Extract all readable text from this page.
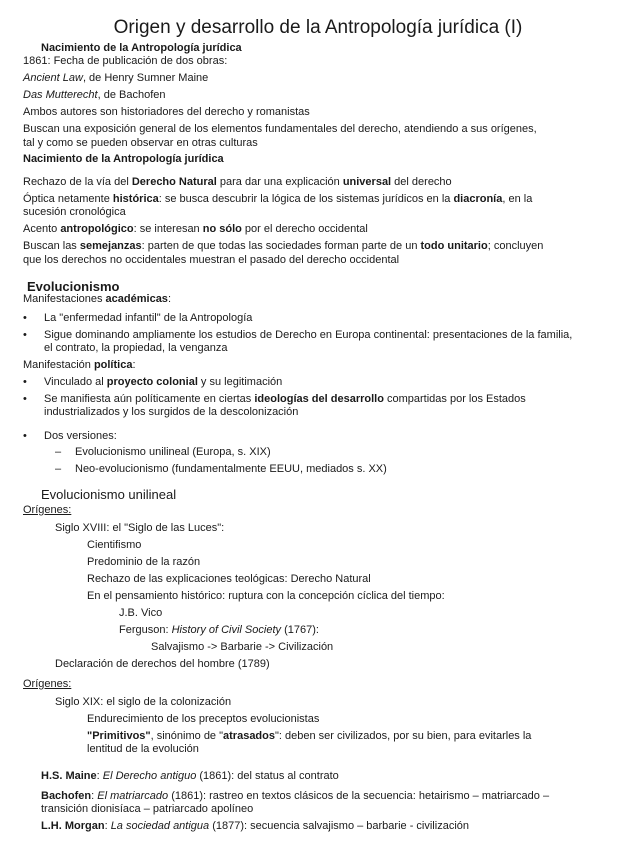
Origen y desarrollo de la Antropología jurídica (I)
Nacimiento de la Antropología jurídica
1861: Fecha de publicación de dos obras:
Ancient Law, de Henry Sumner Maine
Das Mutterecht, de Bachofen
Ambos autores son historiadores del derecho y romanistas
Buscan una exposición general de los elementos fundamentales del derecho, atendiendo a sus orígenes,
tal y como se pueden observar en otras culturas
Nacimiento de la Antropología jurídica
Rechazo de la vía del Derecho Natural para dar una explicación universal del derecho
Óptica netamente histórica: se busca descubrir la lógica de los sistemas jurídicos en la diacronía, en la
sucesión cronológica
Acento antropológico: se interesan no sólo por el derecho occidental
Buscan las semejanzas: parten de que todas las sociedades forman parte de un todo unitario; concluyen
que los derechos no occidentales muestran el pasado del derecho occidental
Evolucionismo
Manifestaciones académicas:
• La "enfermedad infantil" de la Antropología
• Sigue dominando ampliamente los estudios de Derecho en Europa continental: presentaciones de la familia,
el contrato, la propiedad, la venganza
Manifestación política:
• Vinculado al proyecto colonial y su legitimación
• Se manifiesta aún políticamente en ciertas ideologías del desarrollo compartidas por los Estados
industrializados y los surgidos de la descolonización
• Dos versiones:
– Evolucionismo unilineal (Europa, s. XIX)
– Neo-evolucionismo (fundamentalmente EEUU, mediados s. XX)
Evolucionismo unilineal
Orígenes:
Siglo XVIII: el "Siglo de las Luces":
Cientifismo
Predominio de la razón
Rechazo de las explicaciones teológicas: Derecho Natural
En el pensamiento histórico: ruptura con la concepción cíclica del tiempo:
J.B. Vico
Ferguson: History of Civil Society (1767):
Salvajismo -> Barbarie -> Civilización
Declaración de derechos del hombre (1789)
Orígenes:
Siglo XIX: el siglo de la colonización
Endurecimiento de los preceptos evolucionistas
"Primitivos", sinónimo de "atrasados": deben ser civilizados, por su bien, para evitarles la
lentitud de la evolución
H.S. Maine: El Derecho antiguo (1861): del status al contrato
Bachofen: El matriarcado (1861): rastreo en textos clásicos de la secuencia: hetairismo – matriarcado –
transición dionisíaca – patriarcado apolíneo
L.H. Morgan: La sociedad antigua (1877): secuencia salvajismo – barbarie - civilización
